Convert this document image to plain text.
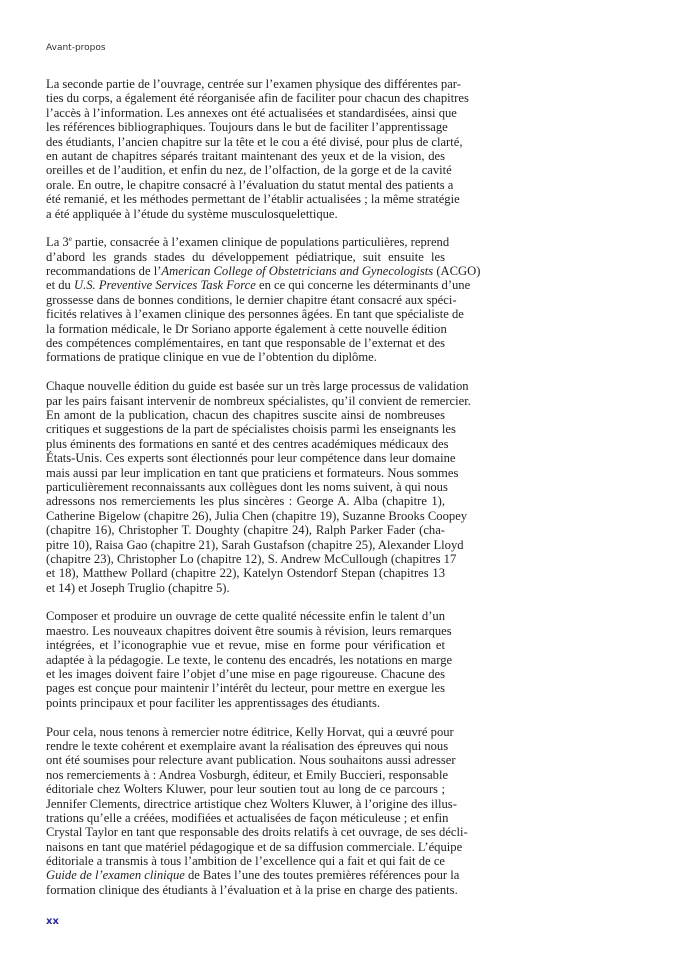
Avant-propos

La seconde partie de l’ouvrage, centrée sur l’examen physique des différentes par-
ties du corps, a également été réorganisée afin de faciliter pour chacun des chapitres
l’accès à l’information. Les annexes ont été actualisées et standardisées, ainsi que
les références bibliographiques. Toujours dans le but de faciliter l’apprentissage
des étudiants, l’ancien chapitre sur la tête et le cou a été divisé, pour plus de clarté,
en autant de chapitres séparés traitant maintenant des yeux et de la vision, des
oreilles et de l’audition, et enfin du nez, de l’olfaction, de la gorge et de la cavité
orale. En outre, le chapitre consacré à l’évaluation du statut mental des patients a
été remanié, et les méthodes permettant de l’établir actualisées ; la même stratégie
a été appliquée à l’étude du système musculosquelettique.

La 3e partie, consacrée à l’examen clinique de populations particulières, reprend
d’abord les grands stades du développement pédiatrique, suit ensuite les
recommandations de l’American College of Obstetricians and Gynecologists (ACGO)
et du U.S. Preventive Services Task Force en ce qui concerne les déterminants d’une
grossesse dans de bonnes conditions, le dernier chapitre étant consacré aux spéci-
ficités relatives à l’examen clinique des personnes âgées. En tant que spécialiste de
la formation médicale, le Dr Soriano apporte également à cette nouvelle édition
des compétences complémentaires, en tant que responsable de l’externat et des
formations de pratique clinique en vue de l’obtention du diplôme.

Chaque nouvelle édition du guide est basée sur un très large processus de validation
par les pairs faisant intervenir de nombreux spécialistes, qu’il convient de remercier.
En amont de la publication, chacun des chapitres suscite ainsi de nombreuses
critiques et suggestions de la part de spécialistes choisis parmi les enseignants les
plus éminents des formations en santé et des centres académiques médicaux des
États-Unis. Ces experts sont électionnés pour leur compétence dans leur domaine
mais aussi par leur implication en tant que praticiens et formateurs. Nous sommes
particulièrement reconnaissants aux collègues dont les noms suivent, à qui nous
adressons nos remerciements les plus sincères : George A. Alba (chapitre 1),
Catherine Bigelow (chapitre 26), Julia Chen (chapitre 19), Suzanne Brooks Coopey
(chapitre 16), Christopher T. Doughty (chapitre 24), Ralph Parker Fader (cha-
pitre 10), Raisa Gao (chapitre 21), Sarah Gustafson (chapitre 25), Alexander Lloyd
(chapitre 23), Christopher Lo (chapitre 12), S. Andrew McCullough (chapitres 17
et 18), Matthew Pollard (chapitre 22), Katelyn Ostendorf Stepan (chapitres 13
et 14) et Joseph Truglio (chapitre 5).

Composer et produire un ouvrage de cette qualité nécessite enfin le talent d’un
maestro. Les nouveaux chapitres doivent être soumis à révision, leurs remarques
intégrées, et l’iconographie vue et revue, mise en forme pour vérification et
adaptée à la pédagogie. Le texte, le contenu des encadrés, les notations en marge
et les images doivent faire l’objet d’une mise en page rigoureuse. Chacune des
pages est conçue pour maintenir l’intérêt du lecteur, pour mettre en exergue les
points principaux et pour faciliter les apprentissages des étudiants.

Pour cela, nous tenons à remercier notre éditrice, Kelly Horvat, qui a œuvré pour
rendre le texte cohérent et exemplaire avant la réalisation des épreuves qui nous
ont été soumises pour relecture avant publication. Nous souhaitons aussi adresser
nos remerciements à : Andrea Vosburgh, éditeur, et Emily Buccieri, responsable
éditoriale chez Wolters Kluwer, pour leur soutien tout au long de ce parcours ;
Jennifer Clements, directrice artistique chez Wolters Kluwer, à l’origine des illus-
trations qu’elle a créées, modifiées et actualisées de façon méticuleuse ; et enfin
Crystal Taylor en tant que responsable des droits relatifs à cet ouvrage, de ses décli-
naisons en tant que matériel pédagogique et de sa diffusion commerciale. L’équipe
éditoriale a transmis à tous l’ambition de l’excellence qui a fait et qui fait de ce
Guide de l’examen clinique de Bates l’une des toutes premières références pour la
formation clinique des étudiants à l’évaluation et à la prise en charge des patients.

xx
